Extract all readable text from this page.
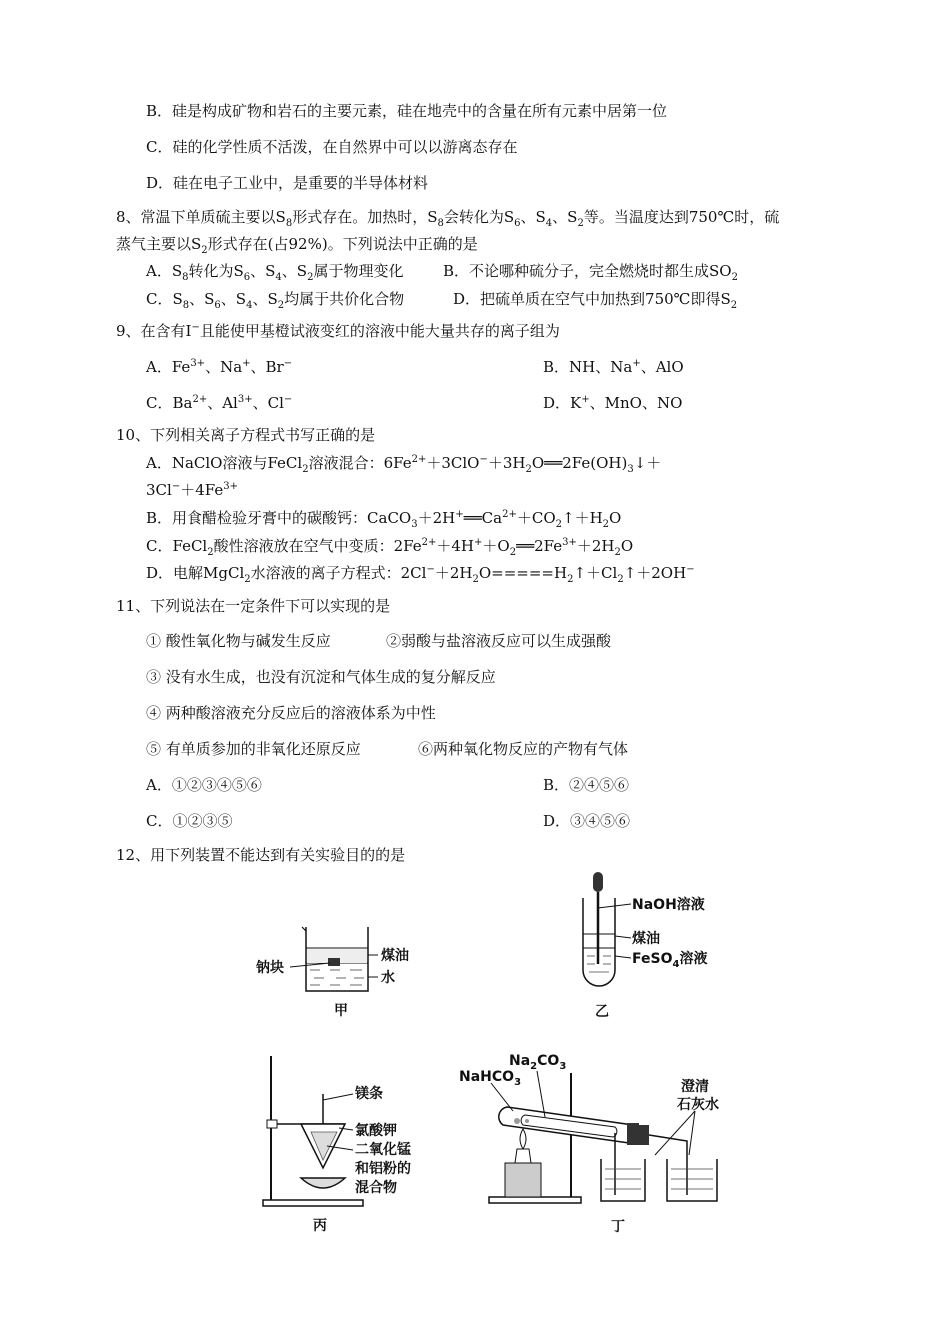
B．硅是构成矿物和岩石的主要元素，硅在地壳中的含量在所有元素中居第一位
C．硅的化学性质不活泼，在自然界中可以以游离态存在
D．硅在电子工业中，是重要的半导体材料
8、常温下单质硫主要以$S_8$形式存在。加热时，$S_8$会转化为$S_6$、$S_4$、$S_2$等。当温度达到750℃时，硫
蒸气主要以$S_2$形式存在(占92%)。下列说法中正确的是
A．$S_8$转化为$S_6$、$S_4$、$S_2$属于物理变化	B．不论哪种硫分子，完全燃烧时都生成$SO_2$
C．$S_8$、$S_6$、$S_4$、$S_2$均属于共价化合物	D．把硫单质在空气中加热到750℃即得$S_2$
9、在含有I−且能使甲基橙试液变红的溶液中能大量共存的离子组为
A．$Fe^{3+}$、Na+、Br−	B．NH、Na+、AlO
C．$Ba^{2+}$、$Al^{3+}$、Cl−	D．K+、MnO、NO
10、下列相关离子方程式书写正确的是
A．NaClO溶液与FeCl$_2$溶液混合：$6Fe^{2+}+3ClO^-+3H_2O══2Fe(OH)_3↓+$
$3Cl^-+4Fe^{3+}$
B．用食醋检验牙膏中的碳酸钙：$CaCO_3+2H^+══Ca^{2+}+CO_2↑+H_2O$
C．FeCl$_2$酸性溶液放在空气中变质：$2Fe^{2+}+4H^++O_2══2Fe^{3+}+2H_2O$
D．电解MgCl$_2$水溶液的离子方程式：$2Cl^-+2H_2O=====H_2↑+Cl_2↑+2OH^-$
11、下列说法在一定条件下可以实现的是
① 酸性氧化物与碱发生反应	②弱酸与盐溶液反应可以生成强酸
③ 没有水生成，也没有沉淀和气体生成的复分解反应
④ 两种酸溶液充分反应后的溶液体系为中性
⑤ 有单质参加的非氧化还原反应	⑥两种氧化物反应的产物有气体
A．①②③④⑤⑥	B．②④⑤⑥
C．①②③⑤	D．③④⑤⑥
12、用下列装置不能达到有关实验目的的是
钠块
煤油
水
甲
NaOH溶液
煤油
FeSO$_4$溶液
乙
镁条
氯酸钾
二氧化锰
和铝粉的
混合物
丙
NaHCO$_3$
$Na_2CO_3$
澄清
石灰水
丁
